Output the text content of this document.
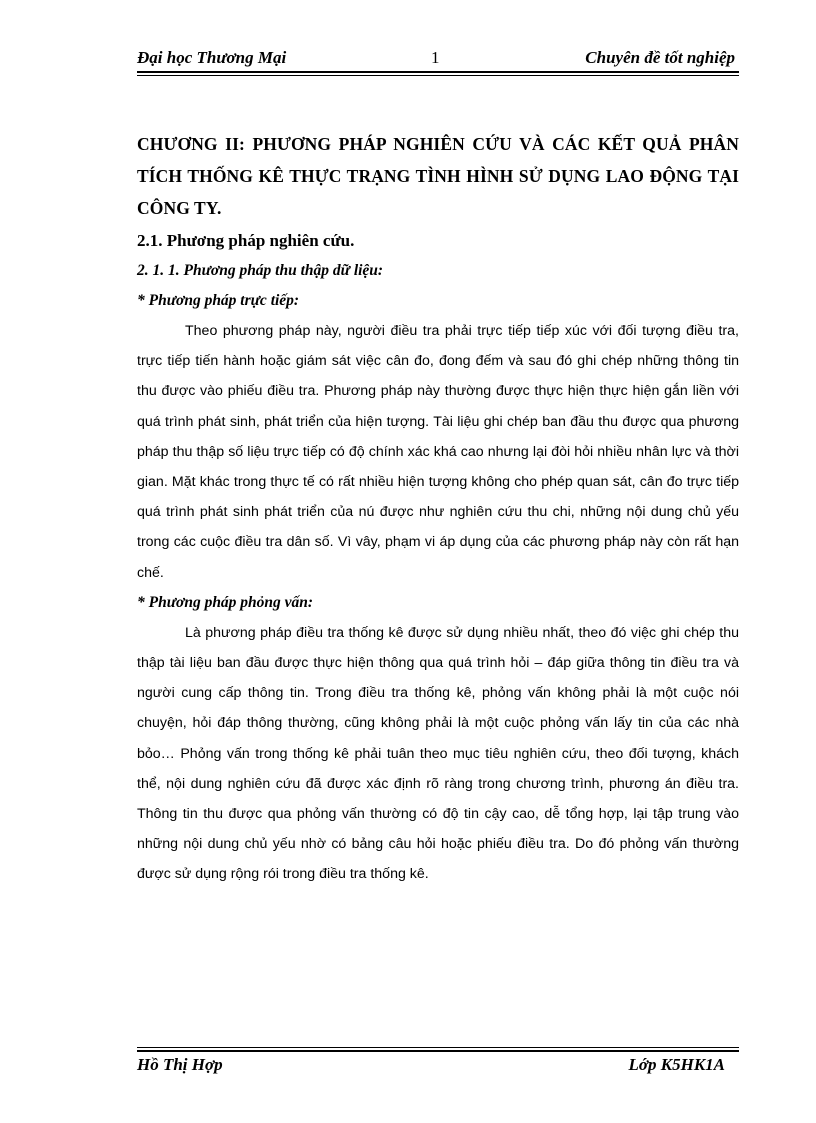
Đại học Thương Mại	1	Chuyên đề tốt nghiệp

CHƯƠNG II: PHƯƠNG PHÁP NGHIÊN CỨU VÀ CÁC KẾT QUẢ PHÂN TÍCH THỐNG KÊ THỰC TRẠNG TÌNH HÌNH SỬ DỤNG LAO ĐỘNG TẠI CÔNG TY.

2.1. Phương pháp nghiên cứu.

2. 1. 1. Phương pháp thu thập dữ liệu:

* Phương pháp trực tiếp:

Theo phương pháp này, người điều tra phải trực tiếp tiếp xúc với đối tượng điều tra, trực tiếp tiến hành hoặc giám sát việc cân đo, đong đếm và sau đó ghi chép những thông tin thu được vào phiếu điều tra. Phương pháp này thường được thực hiện thực hiện gắn liền với quá trình phát sinh, phát triển của hiện tượng. Tài liệu ghi chép ban đầu thu được qua phương pháp thu thập số liệu trực tiếp có độ chính xác khá cao nhưng lại đòi hỏi nhiều nhân lực và thời gian. Mặt khác trong thực tế có rất nhiều hiện tượng không cho phép quan sát, cân đo trực tiếp quá trình phát sinh phát triển của nú được như nghiên cứu thu chi, những nội dung chủ yếu trong các cuộc điều tra dân số. Vì vây, phạm vi áp dụng của các phương pháp này còn rất hạn chế.

* Phương pháp phỏng vấn:

Là phương pháp điều tra thống kê được sử dụng nhiều nhất, theo đó việc ghi chép thu thập tài liệu ban đầu được thực hiện thông qua quá trình hỏi – đáp giữa thông tin điều tra và người cung cấp thông tin. Trong điều tra thống kê, phỏng vấn không phải là một cuộc nói chuyện, hỏi đáp thông thường, cũng không phải là một cuộc phỏng vấn lấy tin của các nhà bỏo… Phỏng vấn trong thống kê phải tuân theo mục tiêu nghiên cứu, theo đối tượng, khách thể, nội dung nghiên cứu đã được xác định rõ ràng trong chương trình, phương án điều tra. Thông tin thu được qua phỏng vấn thường có độ tin cậy cao, dễ tổng hợp, lại tập trung vào những nội dung chủ yếu nhờ có bảng câu hỏi hoặc phiếu điều tra. Do đó phỏng vấn thường được sử dụng rộng rói trong điều tra thống kê.

Hồ Thị Hợp	Lớp K5HK1A
